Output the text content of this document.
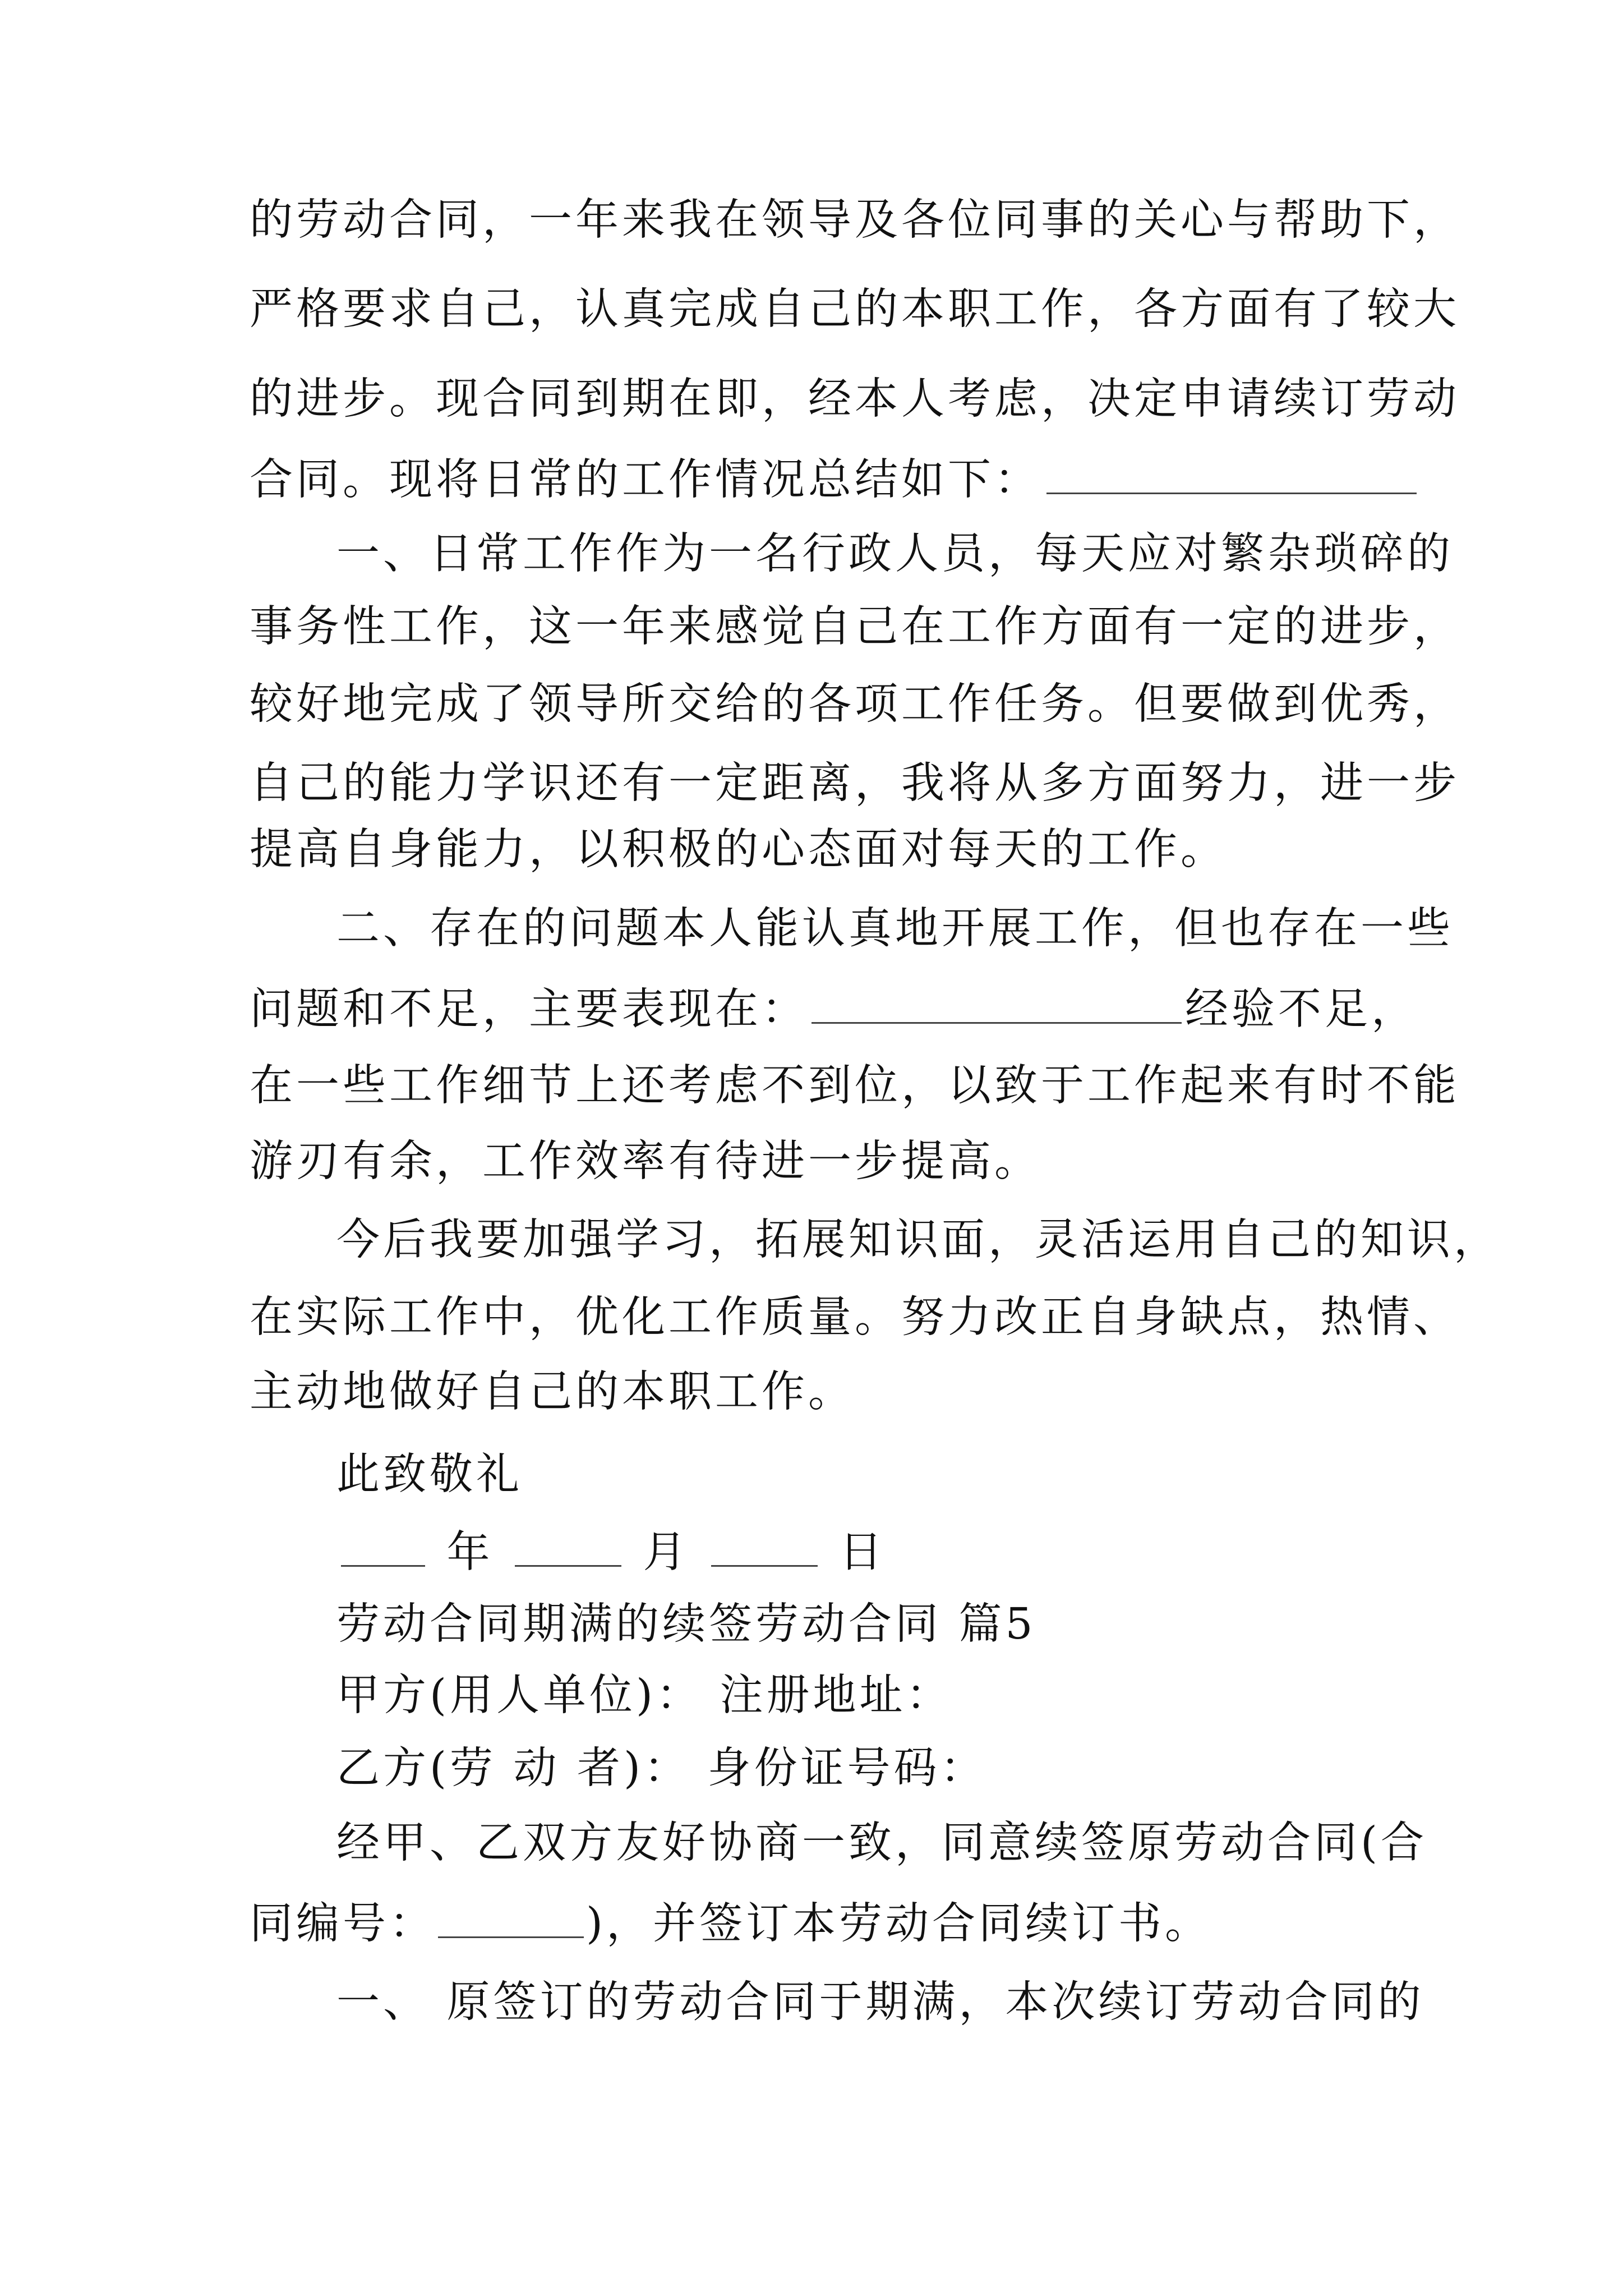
的劳动合同，一年来我在领导及各位同事的关心与帮助下，
严格要求自己，认真完成自己的本职工作，各方面有了较大
的进步。现合同到期在即，经本人考虑，决定申请续订劳动
合同。现将日常的工作情况总结如下：
一、日常工作作为一名行政人员，每天应对繁杂琐碎的
事务性工作，这一年来感觉自己在工作方面有一定的进步，
较好地完成了领导所交给的各项工作任务。但要做到优秀，
自己的能力学识还有一定距离，我将从多方面努力，进一步
提高自身能力，以积极的心态面对每天的工作。
二、存在的问题本人能认真地开展工作，但也存在一些
问题和不足，主要表现在：	经验不足，
在一些工作细节上还考虑不到位，以致于工作起来有时不能
游刃有余，工作效率有待进一步提高。
今后我要加强学习，拓展知识面，灵活运用自己的知识，
在实际工作中，优化工作质量。努力改正自身缺点，热情、
主动地做好自己的本职工作。
此致敬礼
年	月	日
劳动合同期满的续签劳动合同 篇5
甲方(用人单位)： 注册地址：
乙方(劳 动 者)： 身份证号码：
经甲、乙双方友好协商一致，同意续签原劳动合同(合
同编号：	)，并签订本劳动合同续订书。
一、 原签订的劳动合同于期满，本次续订劳动合同的
